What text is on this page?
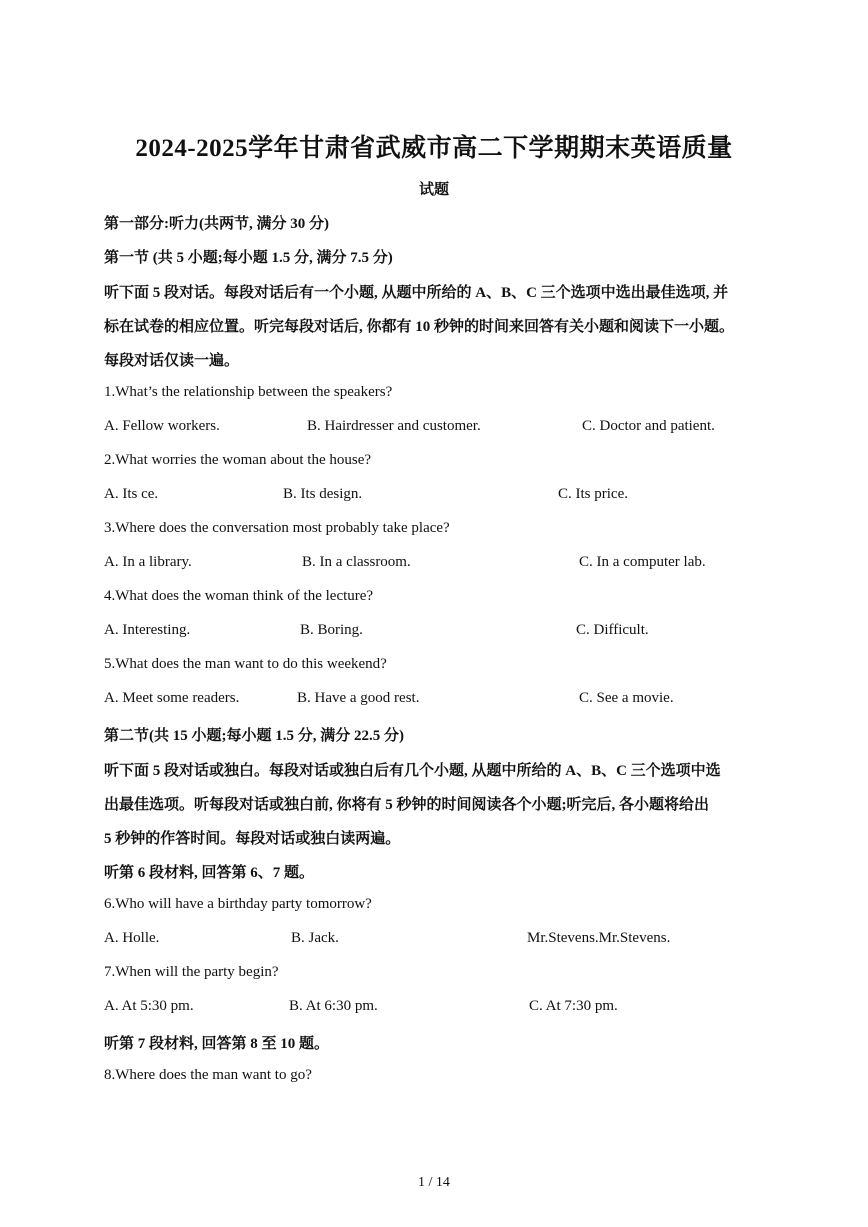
2024-2025学年甘肃省武威市高二下学期期末英语质量
试题
第一部分:听力(共两节, 满分 30 分)
第一节 (共 5 小题;每小题 1.5 分, 满分 7.5 分)
听下面 5 段对话。每段对话后有一个小题, 从题中所给的 A、B、C 三个选项中选出最佳选项, 并
标在试卷的相应位置。听完每段对话后, 你都有 10 秒钟的时间来回答有关小题和阅读下一小题。
每段对话仅读一遍。
1.What’s the relationship between the speakers?
A. Fellow workers.	B. Hairdresser and customer.	C. Doctor and patient.
2.What worries the woman about the house?
A. Its ce.	B. Its design.	C. Its price.
3.Where does the conversation most probably take place?
A. In a library.	B. In a classroom.	C. In a computer lab.
4.What does the woman think of the lecture?
A. Interesting.	B. Boring.	C. Difficult.
5.What does the man want to do this weekend?
A. Meet some readers.	B. Have a good rest.	C. See a movie.
第二节(共 15 小题;每小题 1.5 分, 满分 22.5 分)
听下面 5 段对话或独白。每段对话或独白后有几个小题, 从题中所给的 A、B、C 三个选项中选
出最佳选项。听每段对话或独白前, 你将有 5 秒钟的时间阅读各个小题;听完后, 各小题将给出
5 秒钟的作答时间。每段对话或独白读两遍。
听第 6 段材料, 回答第 6、7 题。
6.Who will have a birthday party tomorrow?
A. Holle.	B. Jack.	Mr.Stevens.Mr.Stevens.
7.When will the party begin?
A. At 5:30 pm.	B. At 6:30 pm.	C. At 7:30 pm.
听第 7 段材料, 回答第 8 至 10 题。
8.Where does the man want to go?
1 / 14
